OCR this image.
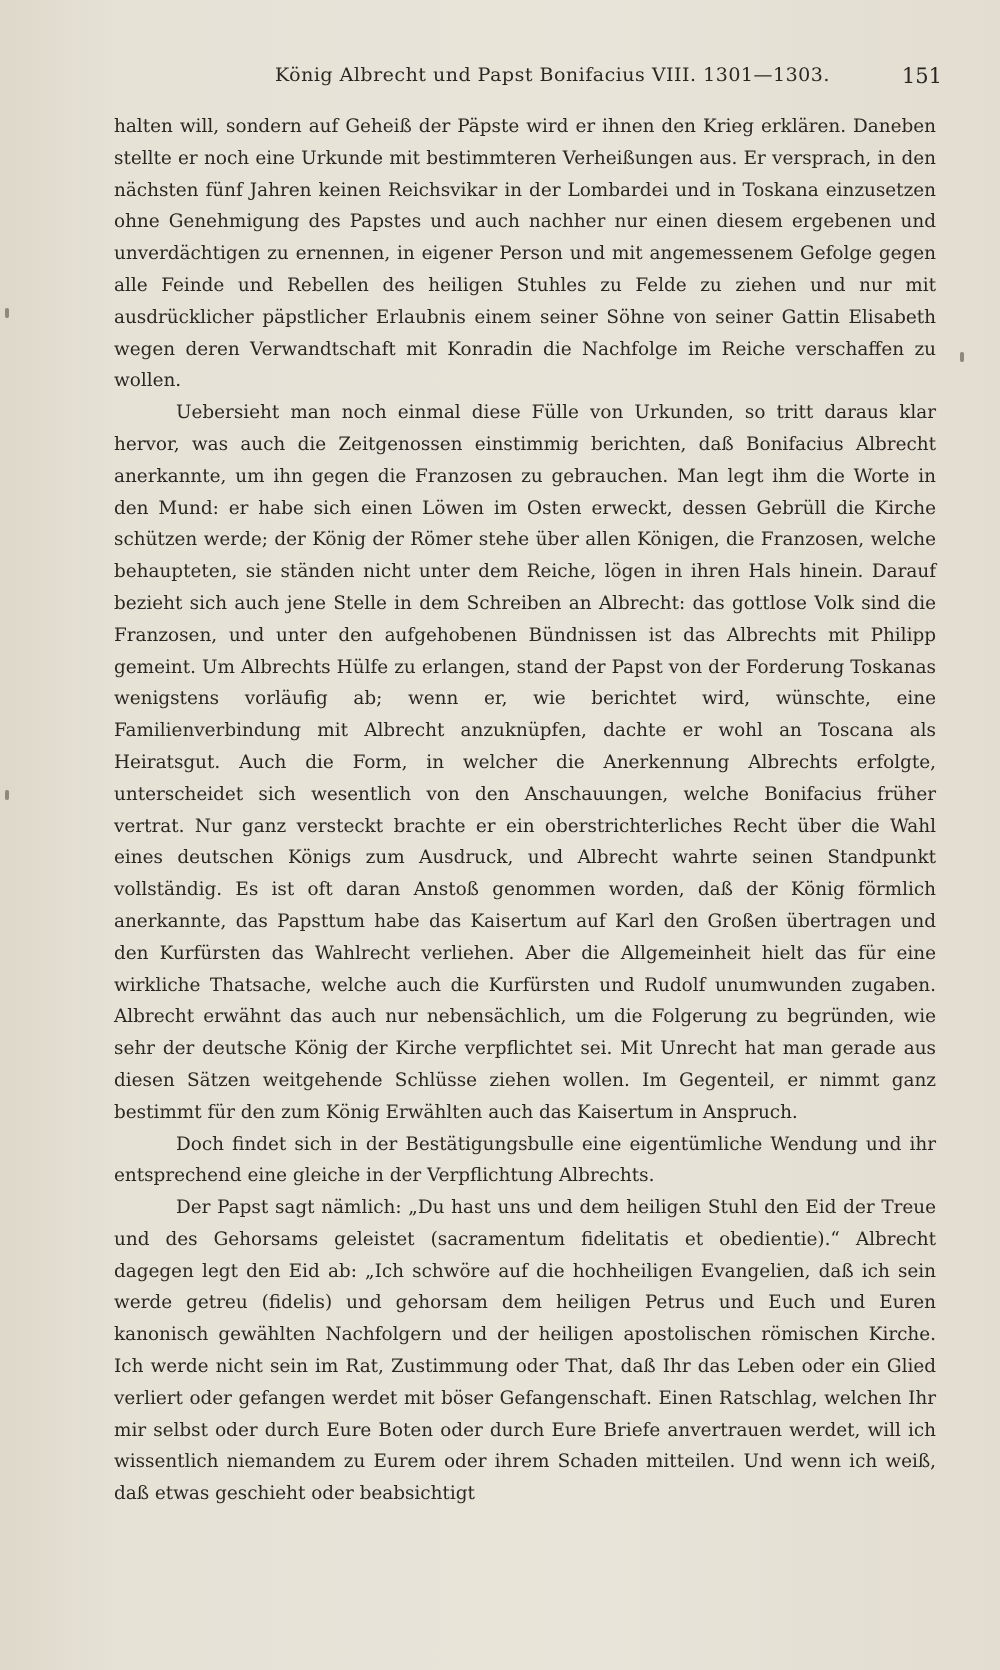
König Albrecht und Papst Bonifacius VIII. 1301—1303.	151

halten will, sondern auf Geheiß der Päpste wird er ihnen den Krieg erklären. Daneben stellte er noch eine Urkunde mit bestimmteren Verheißungen aus. Er versprach, in den nächsten fünf Jahren keinen Reichsvikar in der Lombardei und in Toskana einzusetzen ohne Genehmigung des Papstes und auch nachher nur einen diesem ergebenen und unverdächtigen zu ernennen, in eigener Person und mit angemessenem Gefolge gegen alle Feinde und Rebellen des heiligen Stuhles zu Felde zu ziehen und nur mit ausdrücklicher päpstlicher Erlaubnis einem seiner Söhne von seiner Gattin Elisabeth wegen deren Verwandtschaft mit Konradin die Nachfolge im Reiche verschaffen zu wollen.

Uebersieht man noch einmal diese Fülle von Urkunden, so tritt daraus klar hervor, was auch die Zeitgenossen einstimmig berichten, daß Bonifacius Albrecht anerkannte, um ihn gegen die Franzosen zu gebrauchen. Man legt ihm die Worte in den Mund: er habe sich einen Löwen im Osten erweckt, dessen Gebrüll die Kirche schützen werde; der König der Römer stehe über allen Königen, die Franzosen, welche behaupteten, sie ständen nicht unter dem Reiche, lögen in ihren Hals hinein. Darauf bezieht sich auch jene Stelle in dem Schreiben an Albrecht: das gottlose Volk sind die Franzosen, und unter den aufgehobenen Bündnissen ist das Albrechts mit Philipp gemeint. Um Albrechts Hülfe zu erlangen, stand der Papst von der Forderung Toskanas wenigstens vorläufig ab; wenn er, wie berichtet wird, wünschte, eine Familienverbindung mit Albrecht anzuknüpfen, dachte er wohl an Toscana als Heiratsgut. Auch die Form, in welcher die Anerkennung Albrechts erfolgte, unterscheidet sich wesentlich von den Anschauungen, welche Bonifacius früher vertrat. Nur ganz versteckt brachte er ein oberstrichterliches Recht über die Wahl eines deutschen Königs zum Ausdruck, und Albrecht wahrte seinen Standpunkt vollständig. Es ist oft daran Anstoß genommen worden, daß der König förmlich anerkannte, das Papsttum habe das Kaisertum auf Karl den Großen übertragen und den Kurfürsten das Wahlrecht verliehen. Aber die Allgemeinheit hielt das für eine wirkliche Thatsache, welche auch die Kurfürsten und Rudolf unumwunden zugaben. Albrecht erwähnt das auch nur nebensächlich, um die Folgerung zu begründen, wie sehr der deutsche König der Kirche verpflichtet sei. Mit Unrecht hat man gerade aus diesen Sätzen weitgehende Schlüsse ziehen wollen. Im Gegenteil, er nimmt ganz bestimmt für den zum König Erwählten auch das Kaisertum in Anspruch.

Doch findet sich in der Bestätigungsbulle eine eigentümliche Wendung und ihr entsprechend eine gleiche in der Verpflichtung Albrechts.

Der Papst sagt nämlich: „Du hast uns und dem heiligen Stuhl den Eid der Treue und des Gehorsams geleistet (sacramentum fidelitatis et obedientie).“ Albrecht dagegen legt den Eid ab: „Ich schwöre auf die hochheiligen Evangelien, daß ich sein werde getreu (fidelis) und gehorsam dem heiligen Petrus und Euch und Euren kanonisch gewählten Nachfolgern und der heiligen apostolischen römischen Kirche. Ich werde nicht sein im Rat, Zustimmung oder That, daß Ihr das Leben oder ein Glied verliert oder gefangen werdet mit böser Gefangenschaft. Einen Ratschlag, welchen Ihr mir selbst oder durch Eure Boten oder durch Eure Briefe anvertrauen werdet, will ich wissentlich niemandem zu Eurem oder ihrem Schaden mitteilen. Und wenn ich weiß, daß etwas geschieht oder beabsichtigt
